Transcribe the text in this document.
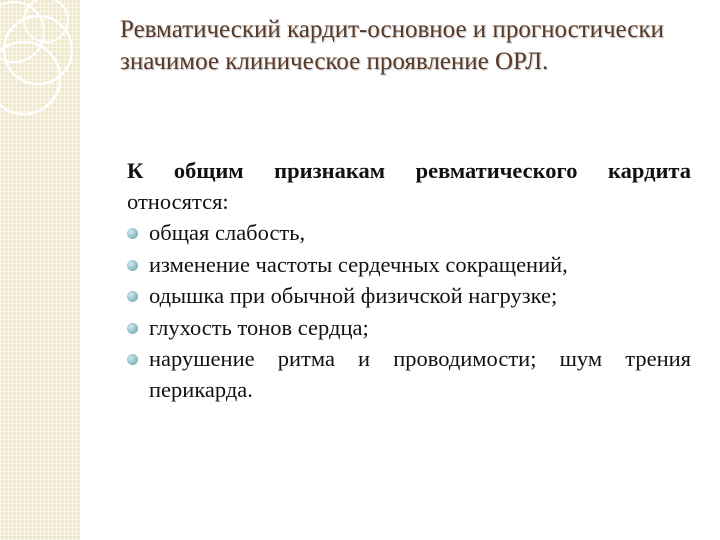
Ревматический кардит-основное и прогностически значимое клиническое проявление ОРЛ.

К общим признакам ревматического кардита относятся:

общая слабость,
изменение частоты сердечных сокращений,
одышка при обычной физичской нагрузке;
глухость тонов сердца;
нарушение ритма и проводимости; шум трения перикарда.
